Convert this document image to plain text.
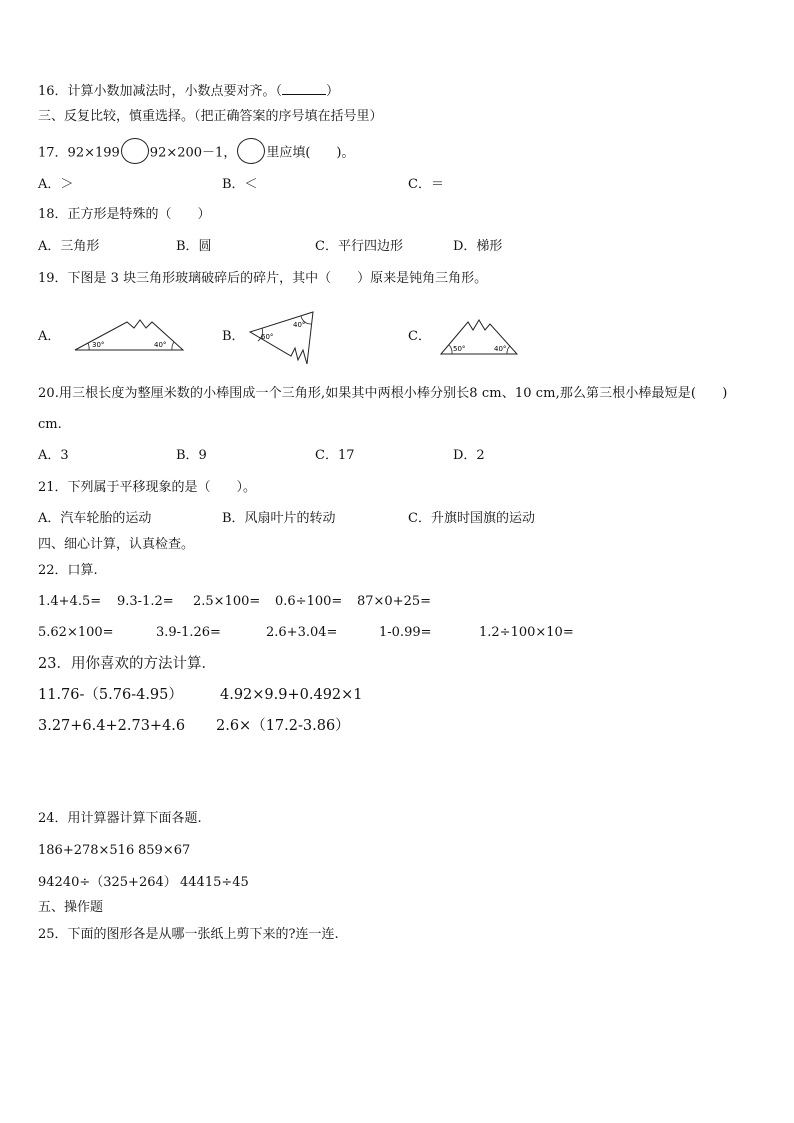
16．计算小数加减法时，小数点要对齐。（	）
三、反复比较，慎重选择。（把正确答案的序号填在括号里）
17．92×199 92×200－1， 里应填(　　)。
A．＞	B．＜	C．＝
18．正方形是特殊的（　　）
A．三角形	B．圆	C．平行四边形	D．梯形
19．下图是 3 块三角形玻璃破碎后的碎片，其中（　　）原来是钝角三角形。
A．	B．	C．
30°	40°
60°
40°
50°	40°
20.用三根长度为整厘米数的小棒围成一个三角形,如果其中两根小棒分别长8 cm、10 cm,那么第三根小棒最短是(　　)
cm.
A．3	B．9	C．17	D．2
21．下列属于平移现象的是（　　）。
A．汽车轮胎的运动	B．风扇叶片的转动	C．升旗时国旗的运动
四、细心计算，认真检查。
22．口算.
1.4+4.5= 9.3-1.2= 2.5×100= 0.6÷100= 87×0+25=
5.62×100=	3.9-1.26=	2.6+3.04=	1-0.99=	1.2÷100×10=
23．用你喜欢的方法计算．
11.76-（5.76-4.95）	4.92×9.9+0.492×1
3.27+6.4+2.73+4.6 2.6×（17.2-3.86）
24．用计算器计算下面各题.
186+278×516 859×67
94240÷（325+264） 44415÷45
五、操作题
25．下面的图形各是从哪一张纸上剪下来的?连一连.
